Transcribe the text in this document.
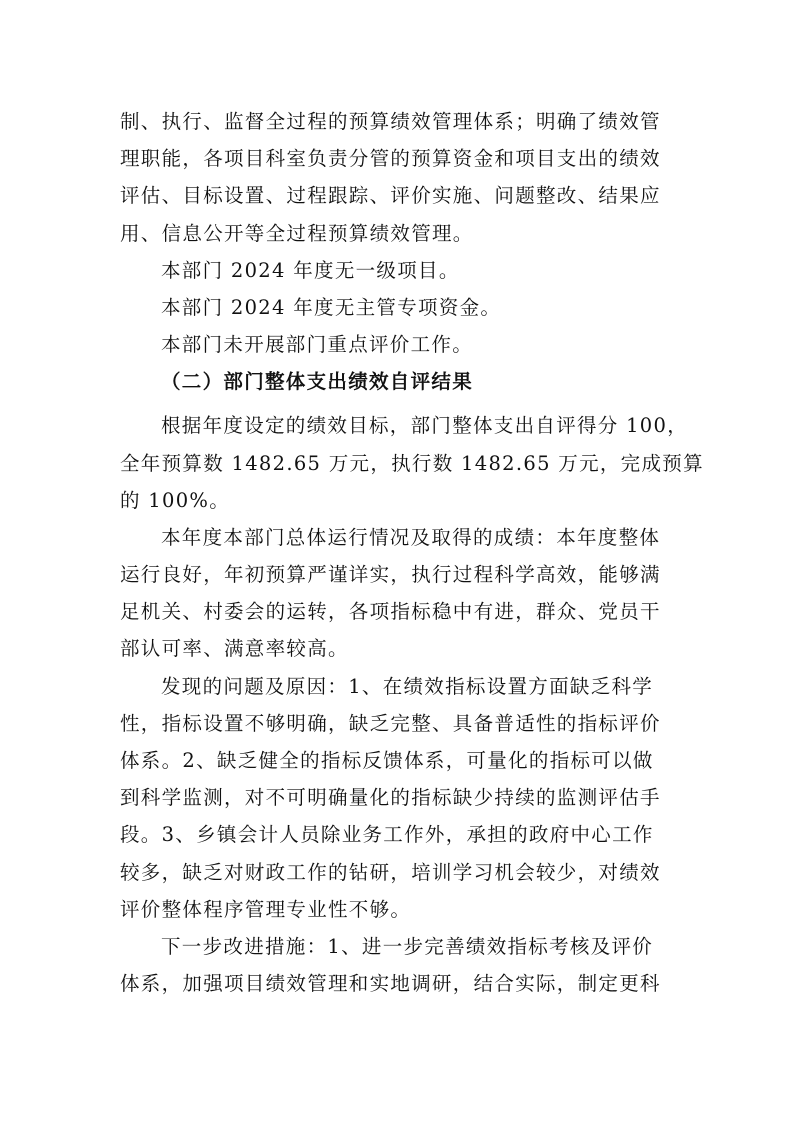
制、执行、监督全过程的预算绩效管理体系；明确了绩效管
理职能，各项目科室负责分管的预算资金和项目支出的绩效
评估、目标设置、过程跟踪、评价实施、问题整改、结果应
用、信息公开等全过程预算绩效管理。
本部门 2024 年度无一级项目。
本部门 2024 年度无主管专项资金。
本部门未开展部门重点评价工作。
（二）部门整体支出绩效自评结果
根据年度设定的绩效目标，部门整体支出自评得分 100，
全年预算数 1482.65 万元，执行数 1482.65 万元，完成预算
的 100%。
本年度本部门总体运行情况及取得的成绩：本年度整体
运行良好，年初预算严谨详实，执行过程科学高效，能够满
足机关、村委会的运转，各项指标稳中有进，群众、党员干
部认可率、满意率较高。
发现的问题及原因：1、在绩效指标设置方面缺乏科学
性，指标设置不够明确，缺乏完整、具备普适性的指标评价
体系。2、缺乏健全的指标反馈体系，可量化的指标可以做
到科学监测，对不可明确量化的指标缺少持续的监测评估手
段。3、乡镇会计人员除业务工作外，承担的政府中心工作
较多，缺乏对财政工作的钻研，培训学习机会较少，对绩效
评价整体程序管理专业性不够。
下一步改进措施：1、进一步完善绩效指标考核及评价
体系，加强项目绩效管理和实地调研，结合实际，制定更科
